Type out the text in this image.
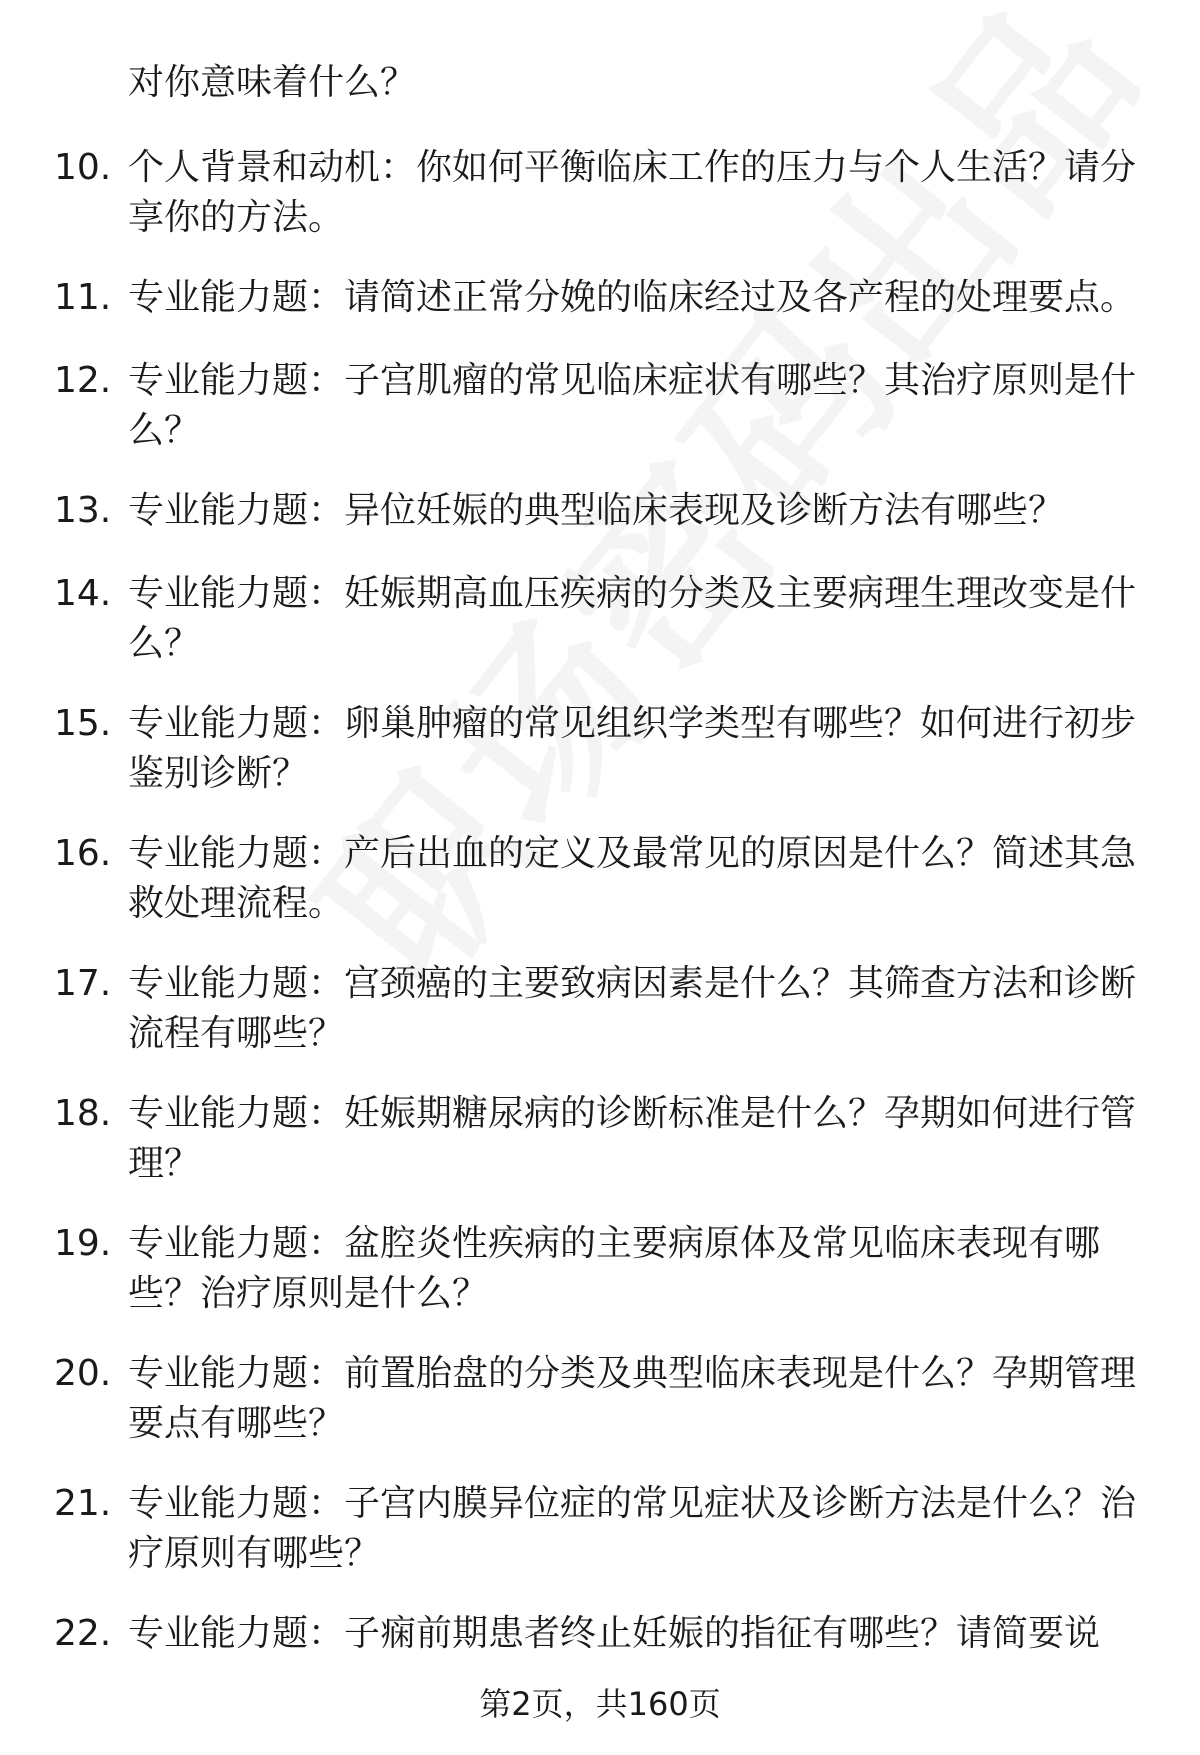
对你意味着什么？
10. 个人背景和动机：你如何平衡临床工作的压力与个人生活？请分享你的方法。
11. 专业能力题：请简述正常分娩的临床经过及各产程的处理要点。
12. 专业能力题：子宫肌瘤的常见临床症状有哪些？其治疗原则是什么？
13. 专业能力题：异位妊娠的典型临床表现及诊断方法有哪些？
14. 专业能力题：妊娠期高血压疾病的分类及主要病理生理改变是什么？
15. 专业能力题：卵巢肿瘤的常见组织学类型有哪些？如何进行初步鉴别诊断？
16. 专业能力题：产后出血的定义及最常见的原因是什么？简述其急救处理流程。
17. 专业能力题：宫颈癌的主要致病因素是什么？其筛查方法和诊断流程有哪些？
18. 专业能力题：妊娠期糖尿病的诊断标准是什么？孕期如何进行管理？
19. 专业能力题：盆腔炎性疾病的主要病原体及常见临床表现有哪些？治疗原则是什么？
20. 专业能力题：前置胎盘的分类及典型临床表现是什么？孕期管理要点有哪些？
21. 专业能力题：子宫内膜异位症的常见症状及诊断方法是什么？治疗原则有哪些？
22. 专业能力题：子痫前期患者终止妊娠的指征有哪些？请简要说
第2页，共160页
